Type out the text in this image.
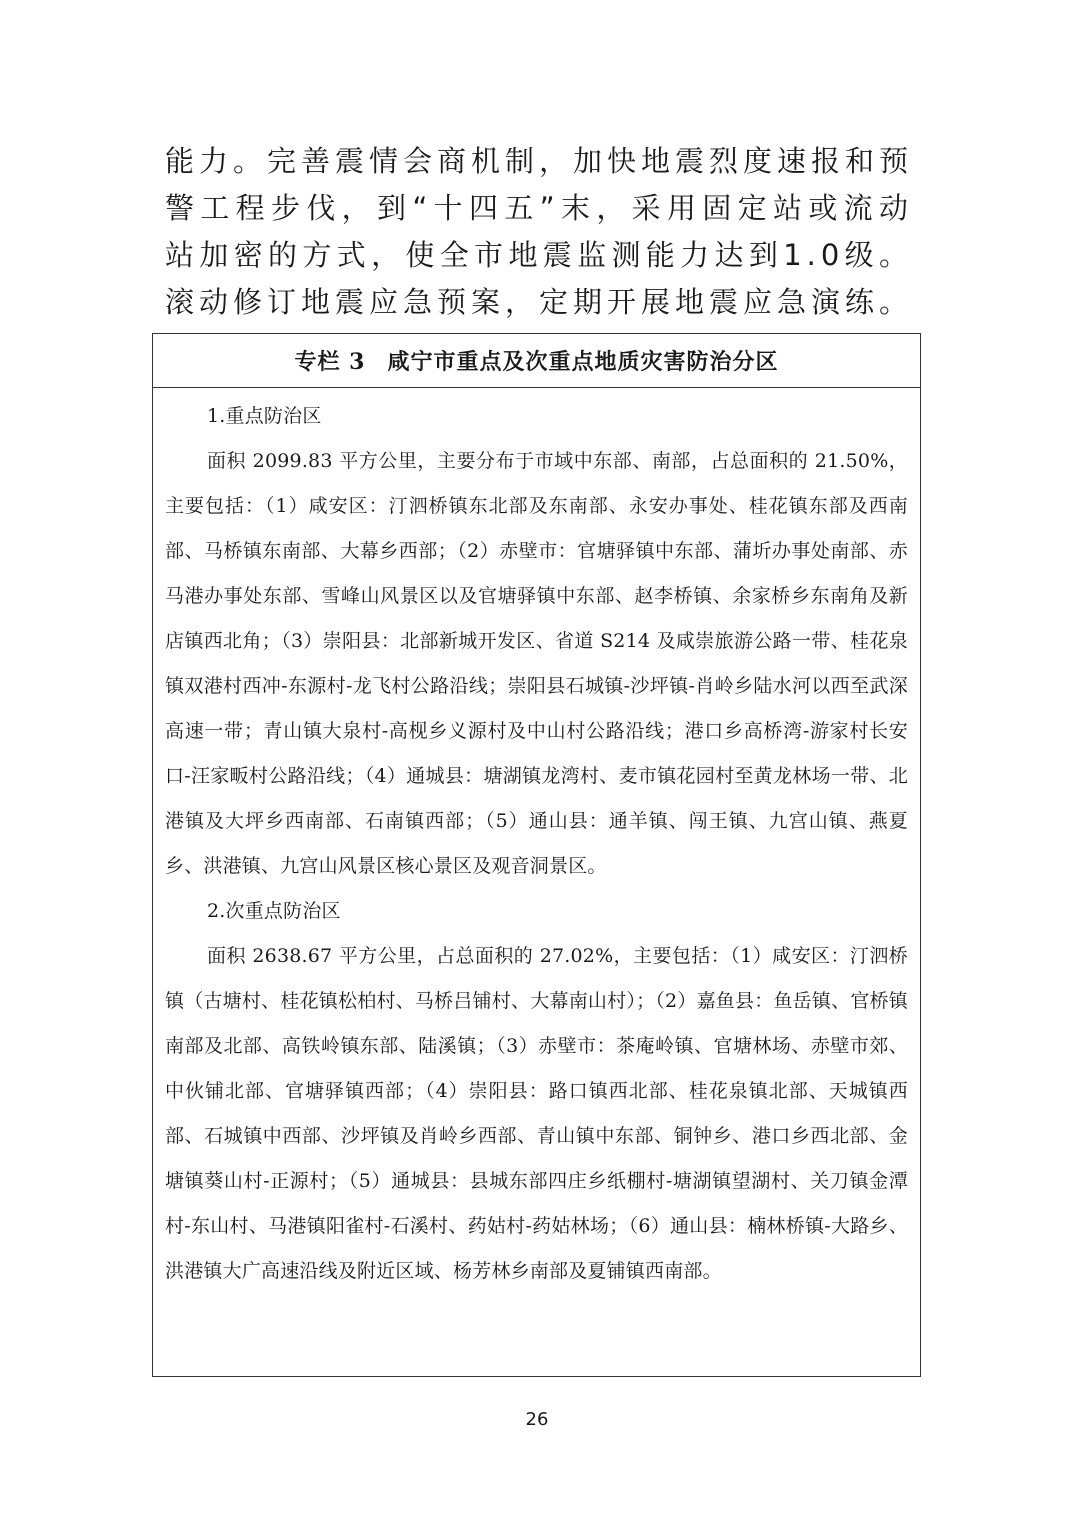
能力。完善震情会商机制，加快地震烈度速报和预警工程步伐，到“十四五”末，采用固定站或流动站加密的方式，使全市地震监测能力达到1.0级。滚动修订地震应急预案，定期开展地震应急演练。

专栏 3 咸宁市重点及次重点地质灾害防治分区

1.重点防治区

面积 2099.83 平方公里，主要分布于市域中东部、南部，占总面积的 21.50%，主要包括：（1）咸安区：汀泗桥镇东北部及东南部、永安办事处、桂花镇东部及西南部、马桥镇东南部、大幕乡西部；（2）赤壁市：官塘驿镇中东部、蒲圻办事处南部、赤马港办事处东部、雪峰山风景区以及官塘驿镇中东部、赵李桥镇、余家桥乡东南角及新店镇西北角；（3）崇阳县：北部新城开发区、省道 S214 及咸崇旅游公路一带、桂花泉镇双港村西冲-东源村-龙飞村公路沿线；崇阳县石城镇-沙坪镇-肖岭乡陆水河以西至武深高速一带；青山镇大泉村-高枧乡义源村及中山村公路沿线；港口乡高桥湾-游家村长安口-汪家畈村公路沿线；（4）通城县：塘湖镇龙湾村、麦市镇花园村至黄龙林场一带、北港镇及大坪乡西南部、石南镇西部；（5）通山县：通羊镇、闯王镇、九宫山镇、燕夏乡、洪港镇、九宫山风景区核心景区及观音洞景区。

2.次重点防治区

面积 2638.67 平方公里，占总面积的 27.02%，主要包括：（1）咸安区：汀泗桥镇（古塘村、桂花镇松柏村、马桥吕铺村、大幕南山村）；（2）嘉鱼县：鱼岳镇、官桥镇南部及北部、高铁岭镇东部、陆溪镇；（3）赤壁市：茶庵岭镇、官塘林场、赤壁市郊、中伙铺北部、官塘驿镇西部；（4）崇阳县：路口镇西北部、桂花泉镇北部、天城镇西部、石城镇中西部、沙坪镇及肖岭乡西部、青山镇中东部、铜钟乡、港口乡西北部、金塘镇葵山村-正源村；（5）通城县：县城东部四庄乡纸棚村-塘湖镇望湖村、关刀镇金潭村-东山村、马港镇阳雀村-石溪村、药姑村-药姑林场；（6）通山县：楠林桥镇-大路乡、洪港镇大广高速沿线及附近区域、杨芳林乡南部及夏铺镇西南部。

26
